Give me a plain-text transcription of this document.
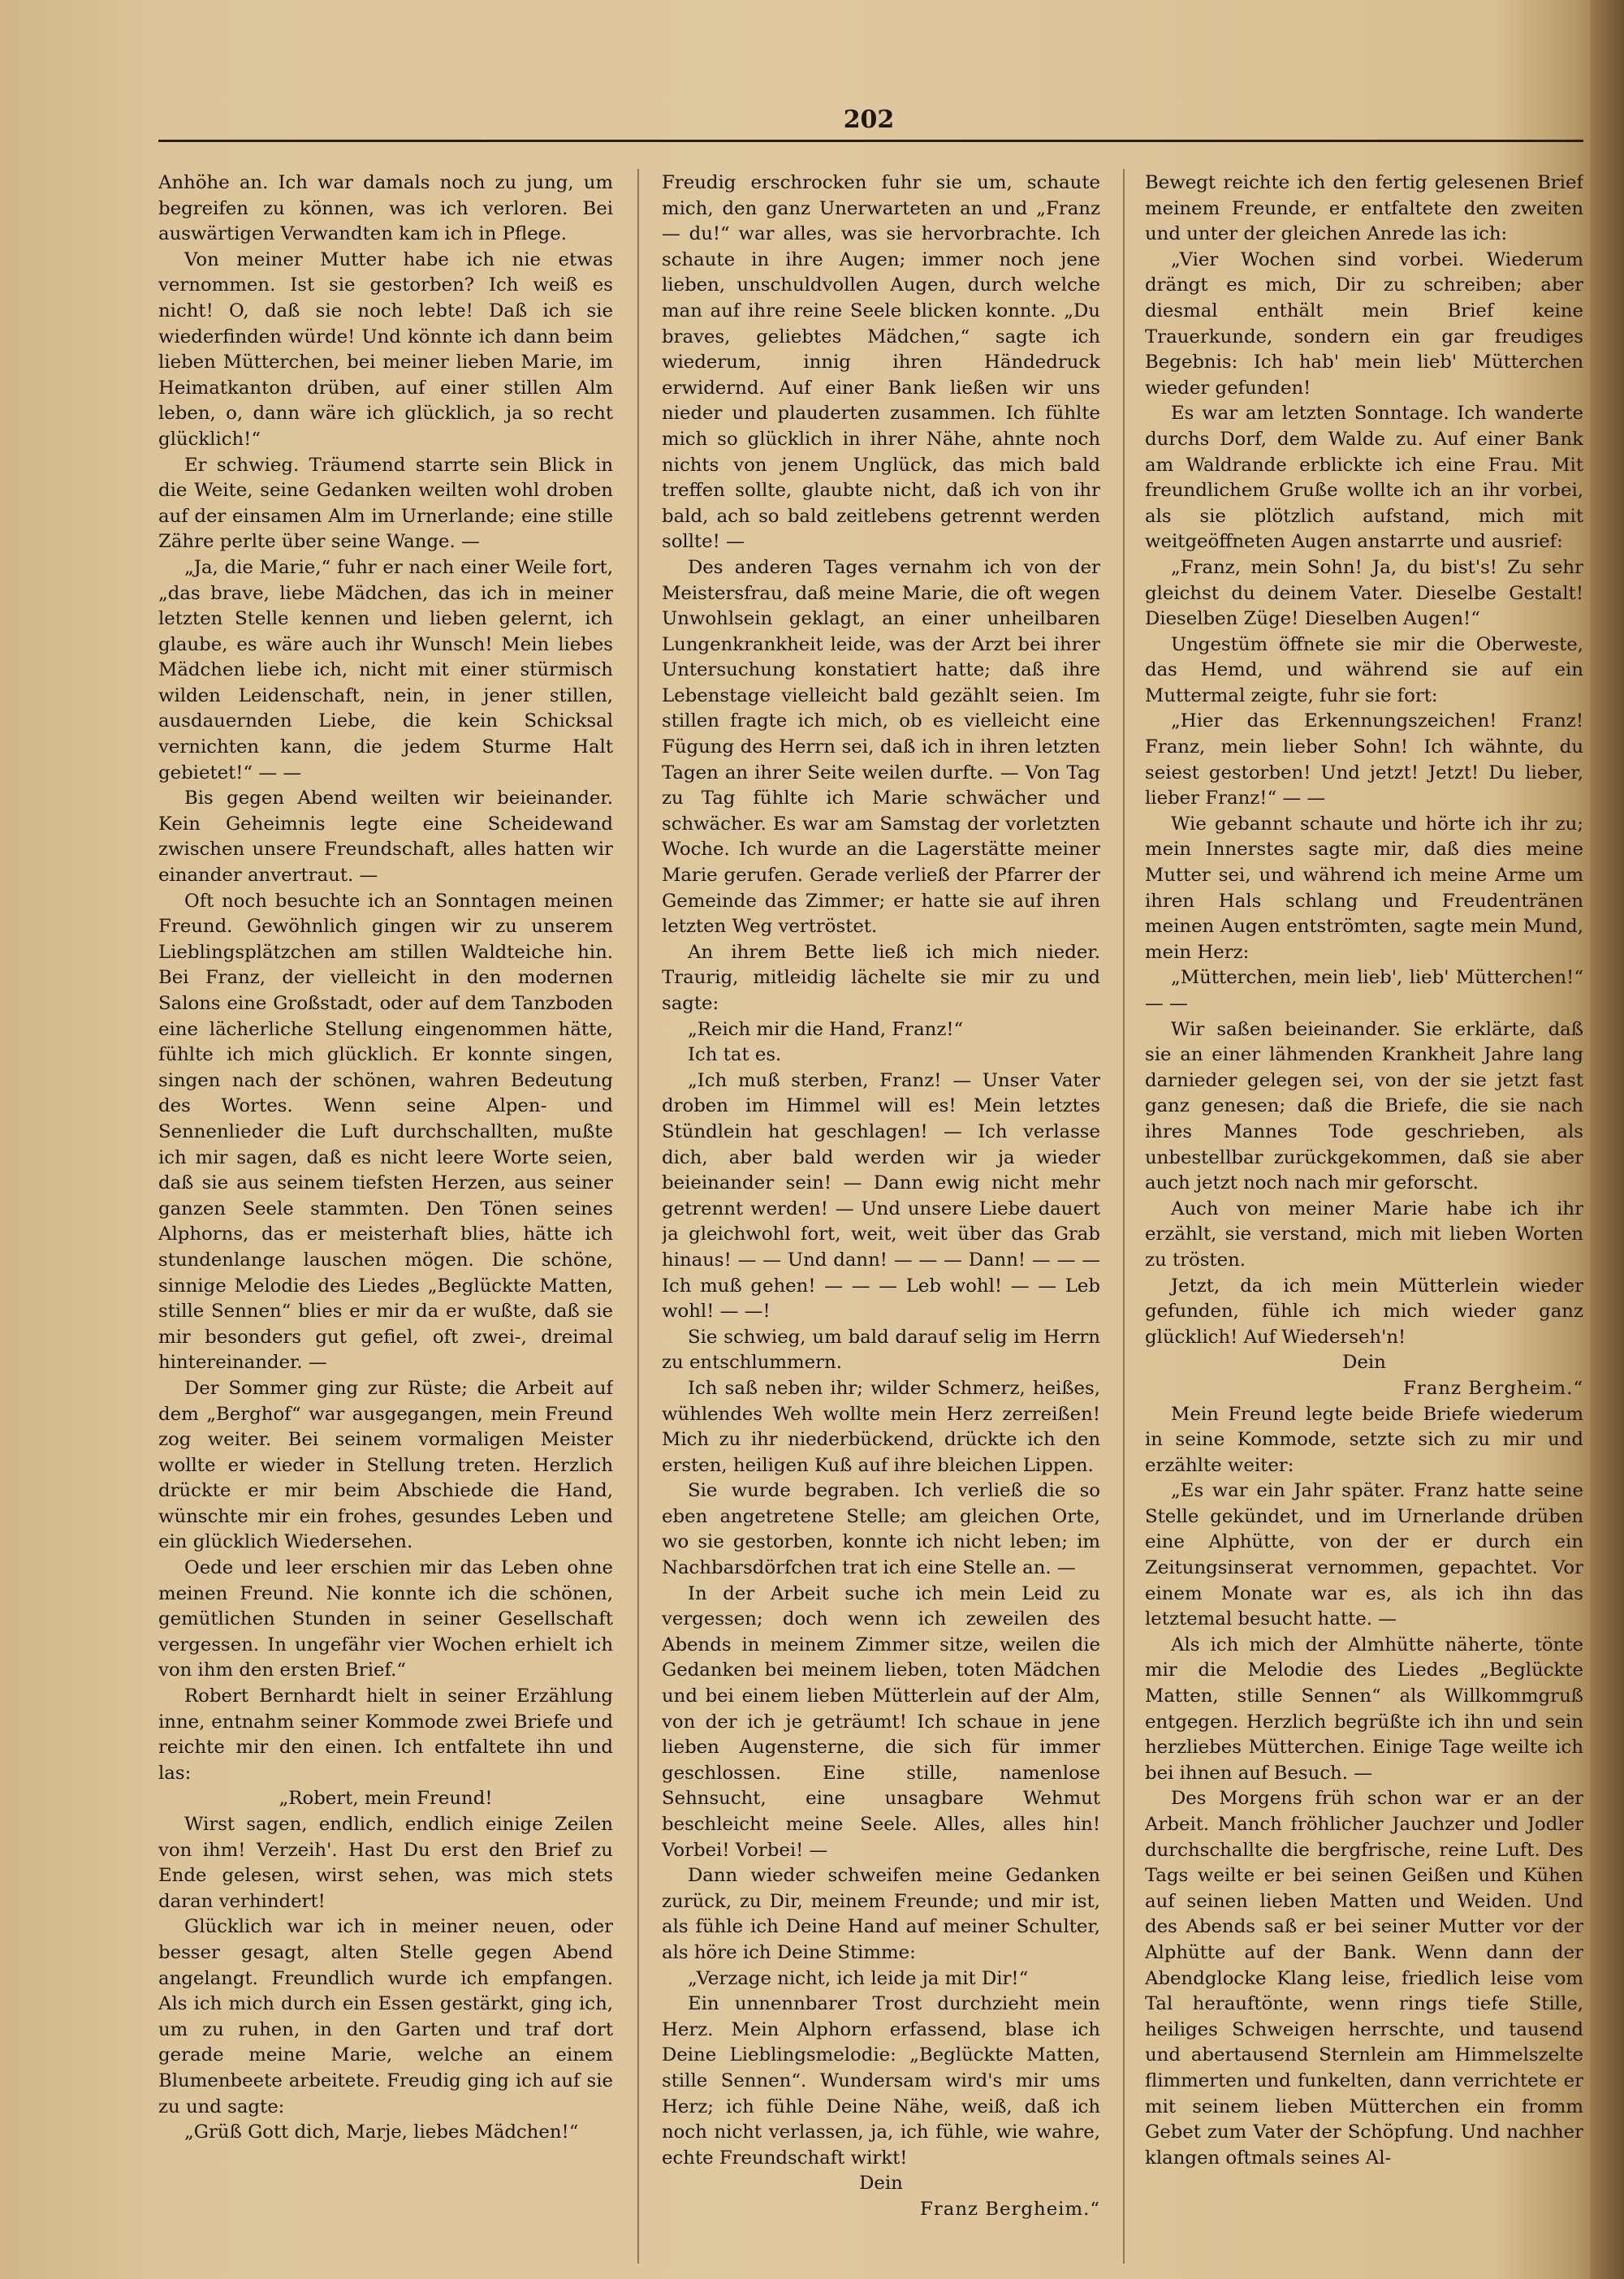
202

Anhöhe an. Ich war damals noch zu jung, um begreifen zu können, was ich verloren. Bei auswärtigen Verwandten kam ich in Pflege.

Von meiner Mutter habe ich nie etwas vernommen. Ist sie gestorben? Ich weiß es nicht! O, daß sie noch lebte! Daß ich sie wiederfinden würde! Und könnte ich dann beim lieben Mütterchen, bei meiner lieben Marie, im Heimatkanton drüben, auf einer stillen Alm leben, o, dann wäre ich glücklich, ja so recht glücklich!“

Er schwieg. Träumend starrte sein Blick in die Weite, seine Gedanken weilten wohl droben auf der einsamen Alm im Urnerlande; eine stille Zähre perlte über seine Wange. —

„Ja, die Marie,“ fuhr er nach einer Weile fort, „das brave, liebe Mädchen, das ich in meiner letzten Stelle kennen und lieben gelernt, ich glaube, es wäre auch ihr Wunsch! Mein liebes Mädchen liebe ich, nicht mit einer stürmisch wilden Leidenschaft, nein, in jener stillen, ausdauernden Liebe, die kein Schicksal vernichten kann, die jedem Sturme Halt gebietet!“ — —

Bis gegen Abend weilten wir beieinander. Kein Geheimnis legte eine Scheidewand zwischen unsere Freundschaft, alles hatten wir einander anvertraut. —

Oft noch besuchte ich an Sonntagen meinen Freund. Gewöhnlich gingen wir zu unserem Lieblingsplätzchen am stillen Waldteiche hin. Bei Franz, der vielleicht in den modernen Salons eine Großstadt, oder auf dem Tanzboden eine lächerliche Stellung eingenommen hätte, fühlte ich mich glücklich. Er konnte singen, singen nach der schönen, wahren Bedeutung des Wortes. Wenn seine Alpen- und Sennenlieder die Luft durchschallten, mußte ich mir sagen, daß es nicht leere Worte seien, daß sie aus seinem tiefsten Herzen, aus seiner ganzen Seele stammten. Den Tönen seines Alphorns, das er meisterhaft blies, hätte ich stundenlange lauschen mögen. Die schöne, sinnige Melodie des Liedes „Beglückte Matten, stille Sennen“ blies er mir da er wußte, daß sie mir besonders gut gefiel, oft zwei-, dreimal hintereinander. —

Der Sommer ging zur Rüste; die Arbeit auf dem „Berghof“ war ausgegangen, mein Freund zog weiter. Bei seinem vormaligen Meister wollte er wieder in Stellung treten. Herzlich drückte er mir beim Abschiede die Hand, wünschte mir ein frohes, gesundes Leben und ein glücklich Wiedersehen.

Oede und leer erschien mir das Leben ohne meinen Freund. Nie konnte ich die schönen, gemütlichen Stunden in seiner Gesellschaft vergessen. In ungefähr vier Wochen erhielt ich von ihm den ersten Brief.“

Robert Bernhardt hielt in seiner Erzählung inne, entnahm seiner Kommode zwei Briefe und reichte mir den einen. Ich entfaltete ihn und las:

„Robert, mein Freund!

Wirst sagen, endlich, endlich einige Zeilen von ihm! Verzeih'. Hast Du erst den Brief zu Ende gelesen, wirst sehen, was mich stets daran verhindert!

Glücklich war ich in meiner neuen, oder besser gesagt, alten Stelle gegen Abend angelangt. Freundlich wurde ich empfangen. Als ich mich durch ein Essen gestärkt, ging ich, um zu ruhen, in den Garten und traf dort gerade meine Marie, welche an einem Blumenbeete arbeitete. Freudig ging ich auf sie zu und sagte:

„Grüß Gott dich, Marje, liebes Mädchen!“

Freudig erschrocken fuhr sie um, schaute mich, den ganz Unerwarteten an und „Franz — du!“ war alles, was sie hervorbrachte. Ich schaute in ihre Augen; immer noch jene lieben, unschuldvollen Augen, durch welche man auf ihre reine Seele blicken konnte. „Du braves, geliebtes Mädchen,“ sagte ich wiederum, innig ihren Händedruck erwidernd. Auf einer Bank ließen wir uns nieder und plauderten zusammen. Ich fühlte mich so glücklich in ihrer Nähe, ahnte noch nichts von jenem Unglück, das mich bald treffen sollte, glaubte nicht, daß ich von ihr bald, ach so bald zeitlebens getrennt werden sollte! —

Des anderen Tages vernahm ich von der Meistersfrau, daß meine Marie, die oft wegen Unwohlsein geklagt, an einer unheilbaren Lungenkrankheit leide, was der Arzt bei ihrer Untersuchung konstatiert hatte; daß ihre Lebenstage vielleicht bald gezählt seien. Im stillen fragte ich mich, ob es vielleicht eine Fügung des Herrn sei, daß ich in ihren letzten Tagen an ihrer Seite weilen durfte. — Von Tag zu Tag fühlte ich Marie schwächer und schwächer. Es war am Samstag der vorletzten Woche. Ich wurde an die Lagerstätte meiner Marie gerufen. Gerade verließ der Pfarrer der Gemeinde das Zimmer; er hatte sie auf ihren letzten Weg vertröstet.

An ihrem Bette ließ ich mich nieder. Traurig, mitleidig lächelte sie mir zu und sagte:

„Reich mir die Hand, Franz!“

Ich tat es.

„Ich muß sterben, Franz! — Unser Vater droben im Himmel will es! Mein letztes Stündlein hat geschlagen! — Ich verlasse dich, aber bald werden wir ja wieder beieinander sein! — Dann ewig nicht mehr getrennt werden! — Und unsere Liebe dauert ja gleichwohl fort, weit, weit über das Grab hinaus! — — Und dann! — — — Dann! — — — Ich muß gehen! — — — Leb wohl! — — Leb wohl! — —!

Sie schwieg, um bald darauf selig im Herrn zu entschlummern.

Ich saß neben ihr; wilder Schmerz, heißes, wühlendes Weh wollte mein Herz zerreißen! Mich zu ihr niederbückend, drückte ich den ersten, heiligen Kuß auf ihre bleichen Lippen.

Sie wurde begraben. Ich verließ die so eben angetretene Stelle; am gleichen Orte, wo sie gestorben, konnte ich nicht leben; im Nachbarsdörfchen trat ich eine Stelle an. —

In der Arbeit suche ich mein Leid zu vergessen; doch wenn ich zeweilen des Abends in meinem Zimmer sitze, weilen die Gedanken bei meinem lieben, toten Mädchen und bei einem lieben Mütterlein auf der Alm, von der ich je geträumt! Ich schaue in jene lieben Augensterne, die sich für immer geschlossen. Eine stille, namenlose Sehnsucht, eine unsagbare Wehmut beschleicht meine Seele. Alles, alles hin! Vorbei! Vorbei! —

Dann wieder schweifen meine Gedanken zurück, zu Dir, meinem Freunde; und mir ist, als fühle ich Deine Hand auf meiner Schulter, als höre ich Deine Stimme:

„Verzage nicht, ich leide ja mit Dir!“

Ein unnennbarer Trost durchzieht mein Herz. Mein Alphorn erfassend, blase ich Deine Lieblingsmelodie: „Beglückte Matten, stille Sennen“. Wundersam wird's mir ums Herz; ich fühle Deine Nähe, weiß, daß ich noch nicht verlassen, ja, ich fühle, wie wahre, echte Freundschaft wirkt!

Dein

Franz Bergheim.“

Bewegt reichte ich den fertig gelesenen Brief meinem Freunde, er entfaltete den zweiten und unter der gleichen Anrede las ich:

„Vier Wochen sind vorbei. Wiederum drängt es mich, Dir zu schreiben; aber diesmal enthält mein Brief keine Trauerkunde, sondern ein gar freudiges Begebnis: Ich hab' mein lieb' Mütterchen wieder gefunden!

Es war am letzten Sonntage. Ich wanderte durchs Dorf, dem Walde zu. Auf einer Bank am Waldrande erblickte ich eine Frau. Mit freundlichem Gruße wollte ich an ihr vorbei, als sie plötzlich aufstand, mich mit weitgeöffneten Augen anstarrte und ausrief:

„Franz, mein Sohn! Ja, du bist's! Zu sehr gleichst du deinem Vater. Dieselbe Gestalt! Dieselben Züge! Dieselben Augen!“

Ungestüm öffnete sie mir die Oberweste, das Hemd, und während sie auf ein Muttermal zeigte, fuhr sie fort:

„Hier das Erkennungszeichen! Franz! Franz, mein lieber Sohn! Ich wähnte, du seiest gestorben! Und jetzt! Jetzt! Du lieber, lieber Franz!“ — —

Wie gebannt schaute und hörte ich ihr zu; mein Innerstes sagte mir, daß dies meine Mutter sei, und während ich meine Arme um ihren Hals schlang und Freudentränen meinen Augen entströmten, sagte mein Mund, mein Herz:

„Mütterchen, mein lieb', lieb' Mütterchen!“ — —

Wir saßen beieinander. Sie erklärte, daß sie an einer lähmenden Krankheit Jahre lang darnieder gelegen sei, von der sie jetzt fast ganz genesen; daß die Briefe, die sie nach ihres Mannes Tode geschrieben, als unbestellbar zurückgekommen, daß sie aber auch jetzt noch nach mir geforscht.

Auch von meiner Marie habe ich ihr erzählt, sie verstand, mich mit lieben Worten zu trösten.

Jetzt, da ich mein Mütterlein wieder gefunden, fühle ich mich wieder ganz glücklich! Auf Wiederseh'n!

Dein

Franz Bergheim.“

Mein Freund legte beide Briefe wiederum in seine Kommode, setzte sich zu mir und erzählte weiter:

„Es war ein Jahr später. Franz hatte seine Stelle gekündet, und im Urnerlande drüben eine Alphütte, von der er durch ein Zeitungsinserat vernommen, gepachtet. Vor einem Monate war es, als ich ihn das letztemal besucht hatte. —

Als ich mich der Almhütte näherte, tönte mir die Melodie des Liedes „Beglückte Matten, stille Sennen“ als Willkommgruß entgegen. Herzlich begrüßte ich ihn und sein herzliebes Mütterchen. Einige Tage weilte ich bei ihnen auf Besuch. —

Des Morgens früh schon war er an der Arbeit. Manch fröhlicher Jauchzer und Jodler durchschallte die bergfrische, reine Luft. Des Tags weilte er bei seinen Geißen und Kühen auf seinen lieben Matten und Weiden. Und des Abends saß er bei seiner Mutter vor der Alphütte auf der Bank. Wenn dann der Abendglocke Klang leise, friedlich leise vom Tal herauftönte, wenn rings tiefe Stille, heiliges Schweigen herrschte, und tausend und abertausend Sternlein am Himmelszelte flimmerten und funkelten, dann verrichtete er mit seinem lieben Mütterchen ein fromm Gebet zum Vater der Schöpfung. Und nachher klangen oftmals seines Al-
